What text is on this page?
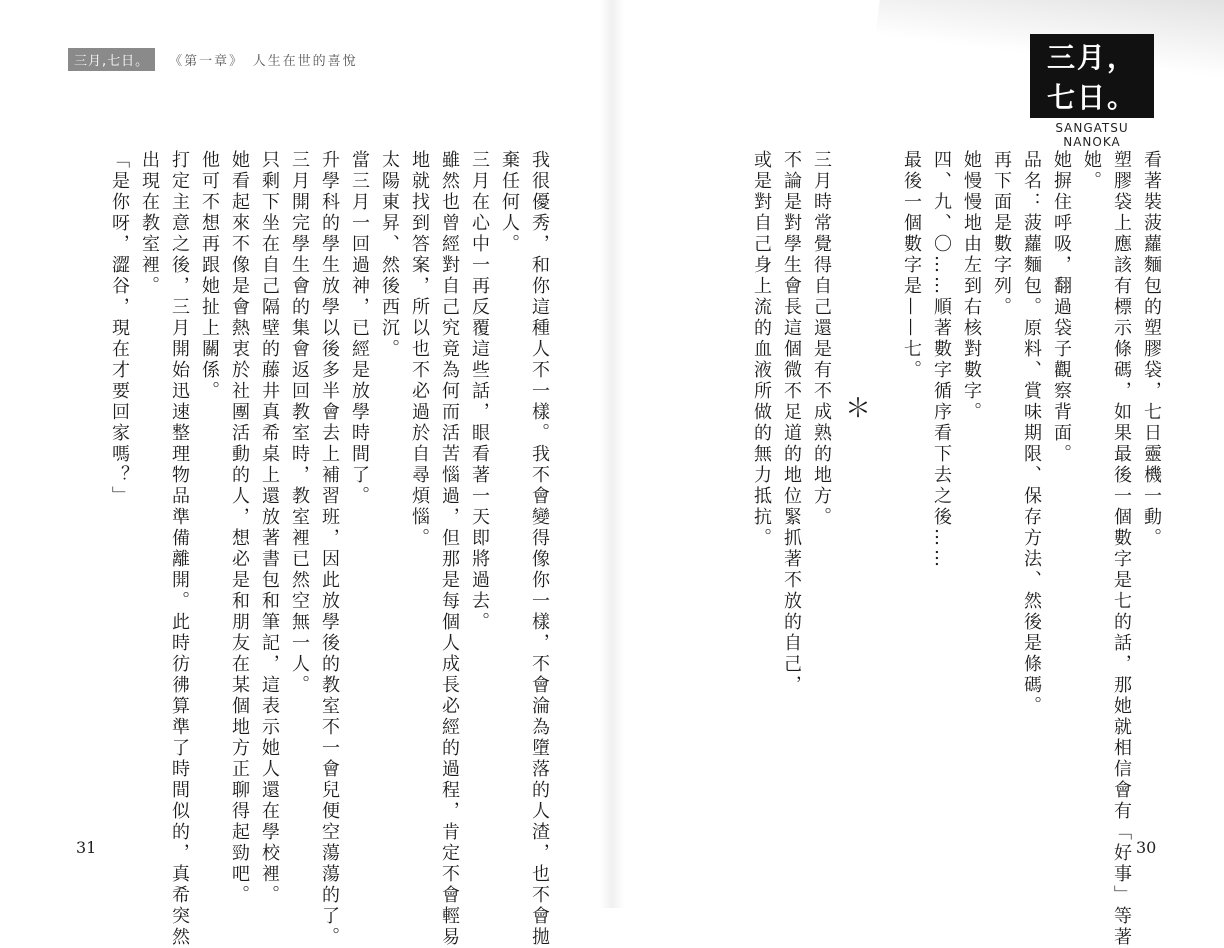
三月,七日。	《第一章》　人生在世的喜悅	三月，七日。
SANGATSU NANOKA
看著裝菠蘿麵包的塑膠袋，七日靈機一動。
塑膠袋上應該有標示條碼，如果最後一個數字是七的話，那她就相信會有「好事」等著
她。
她摒住呼吸，翻過袋子觀察背面。
品名：菠蘿麵包。原料、賞味期限、保存方法、然後是條碼。
再下面是數字列。
她慢慢地由左到右核對數字。
四、九、〇……順著數字循序看下去之後……
最後一個數字是——七。

三月時常覺得自己還是有不成熟的地方。
不論是對學生會長這個微不足道的地位緊抓著不放的自己，
或是對自己身上流的血液所做的無力抵抗。	＊
我很優秀，和你這種人不一樣。我不會變得像你一樣，不會淪為墮落的人渣，也不會拋
棄任何人。
三月在心中一再反覆這些話，眼看著一天即將過去。
雖然也曾經對自己究竟為何而活苦惱過，但那是每個人成長必經的過程，肯定不會輕易
地就找到答案，所以也不必過於自尋煩惱。
太陽東昇、然後西沉。
當三月一回過神，已經是放學時間了。
升學科的學生放學以後多半會去上補習班，因此放學後的教室不一會兒便空蕩蕩的了。
三月開完學生會的集會返回教室時，教室裡已然空無一人。
只剩下坐在自己隔壁的藤井真希桌上還放著書包和筆記，這表示她人還在學校裡。
她看起來不像是會熱衷於社團活動的人，想必是和朋友在某個地方正聊得起勁吧。
他可不想再跟她扯上關係。
打定主意之後，三月開始迅速整理物品準備離開。此時彷彿算準了時間似的，真希突然
出現在教室裡。
「是你呀，澀谷，現在才要回家嗎？」
31	30
